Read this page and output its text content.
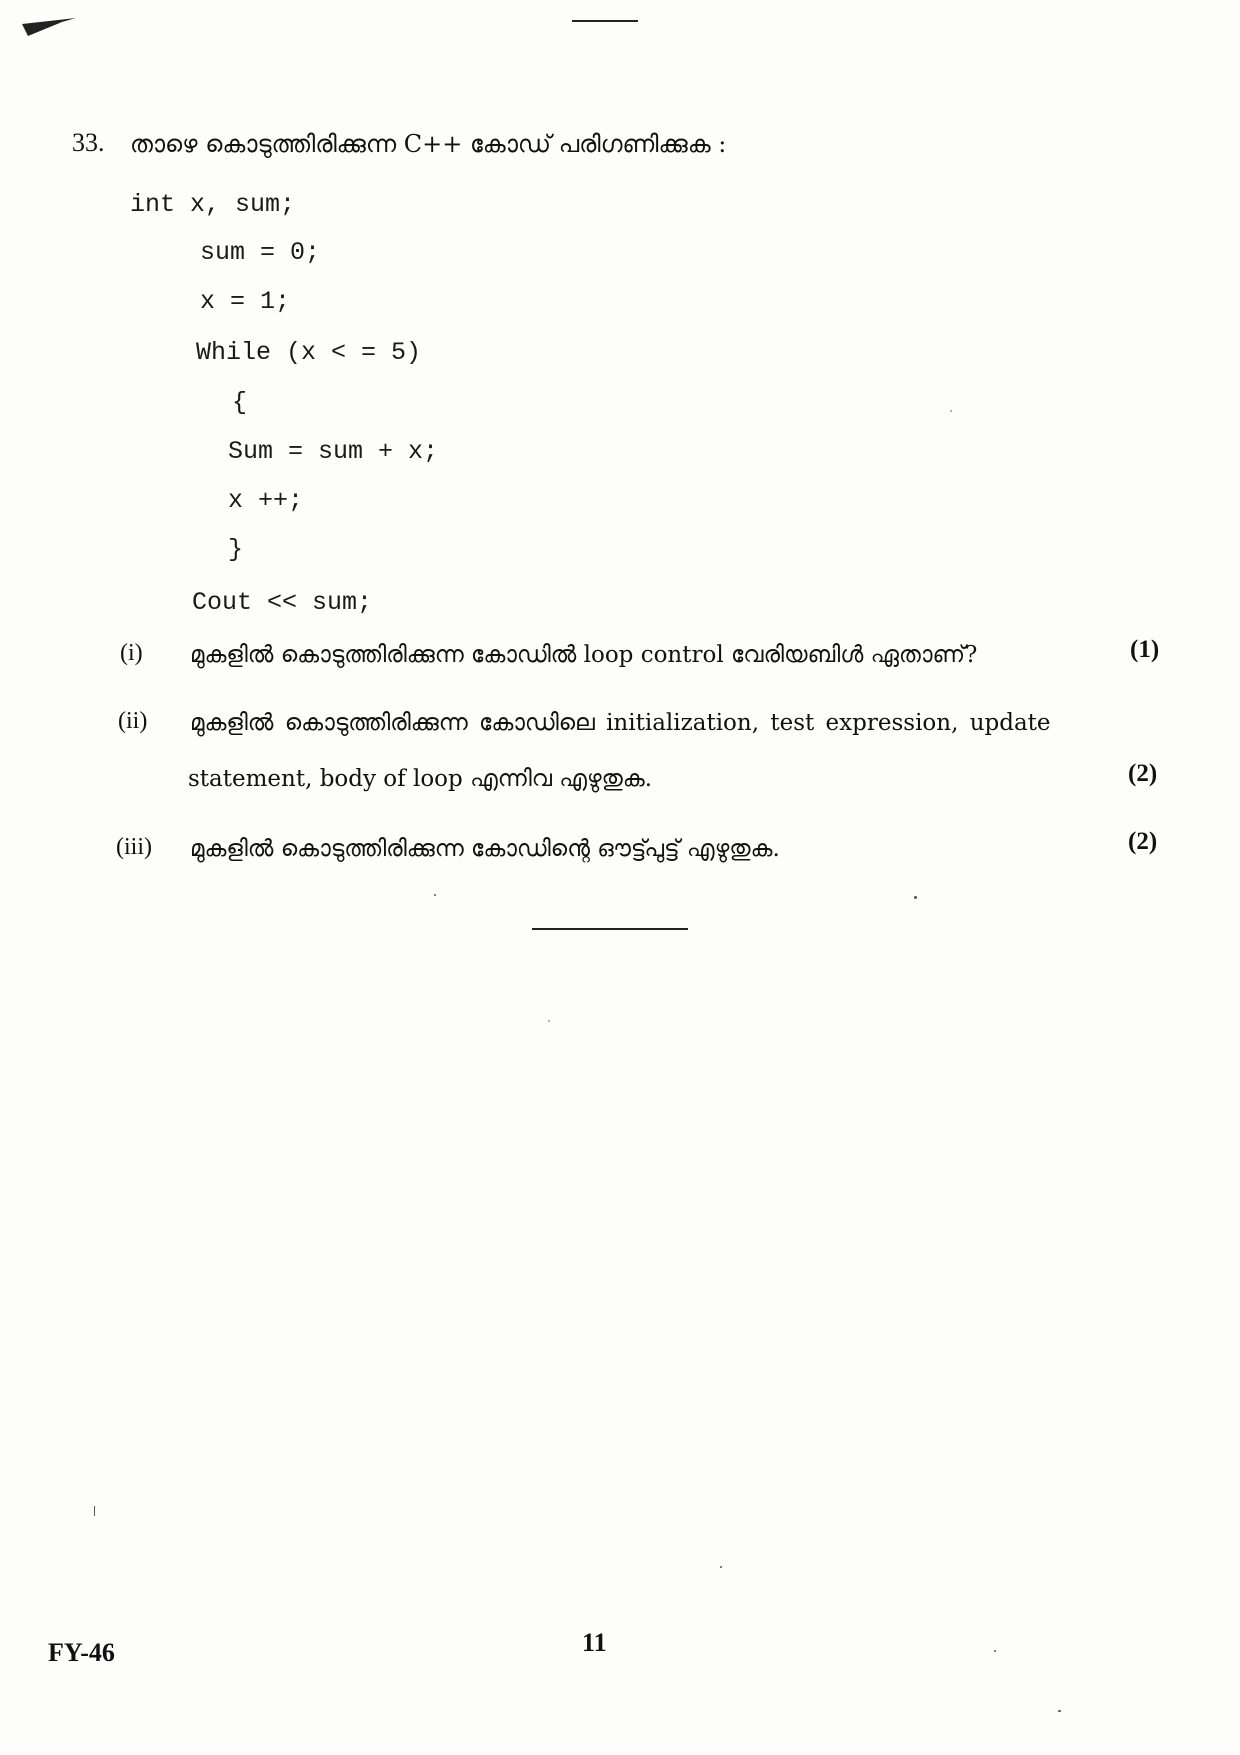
33. താഴെ കൊടുത്തിരിക്കുന്ന C++ കോഡ് പരിഗണിക്കുക :
int x, sum;
sum = 0;
x = 1;
While (x < = 5)
{
Sum = sum + x;
x ++;
}
Cout << sum;
(i) മുകളിൽ കൊടുത്തിരിക്കുന്ന കോഡിൽ loop control വേരിയബിൾ ഏതാണ്?	(1)
(ii) മുകളിൽ കൊടുത്തിരിക്കുന്ന കോഡിലെ initialization, test expression, update
statement, body of loop എന്നിവ എഴുതുക.	(2)
(iii) മുകളിൽ കൊടുത്തിരിക്കുന്ന കോഡിന്റെ ഔട്ട്പുട്ട് എഴുതുക.	(2)
FY-46	11
